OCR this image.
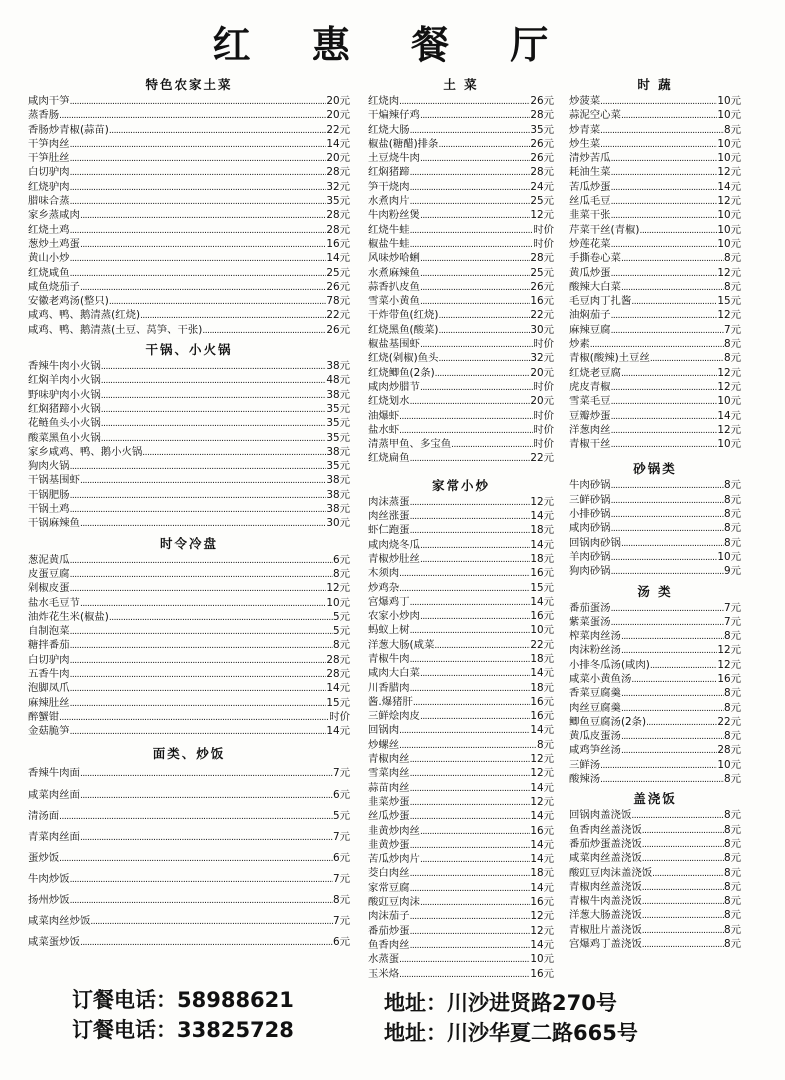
红 惠 餐 厅
特色农家土菜
咸肉干笋 .....	20元
蒸香肠 .....	20元
香肠炒青椒(蒜苗) .....	22元
干笋肉丝 .....	14元
干笋肚丝 .....	20元
白切驴肉 .....	28元
红烧驴肉 .....	32元
腊味合蒸 .....	35元
家乡蒸咸肉 .....	28元
红烧土鸡 .....	28元
葱炒土鸡蛋 .....	16元
黄山小炒 .....	14元
红烧咸鱼 .....	25元
咸鱼烧茄子 .....	26元
安徽老鸡汤(整只) .....	78元
咸鸡、鸭、鹅清蒸(红烧) .....	22元
咸鸡、鸭、鹅清蒸(土豆、莴笋、干张) .....	26元
干锅、小火锅
香辣牛肉小火锅 .....	38元
红焖羊肉小火锅 .....	48元
野味驴肉小火锅 .....	38元
红焖猪蹄小火锅 .....	35元
花鲢鱼头小火锅 .....	35元
酸菜黑鱼小火锅 .....	35元
家乡咸鸡、鸭、鹅小火锅 .....	38元
狗肉火锅 .....	35元
干锅基围虾 .....	38元
干锅肥肠 .....	38元
干锅土鸡 .....	38元
干锅麻辣鱼 .....	30元
时令冷盘
葱泥黄瓜 .....	6元
皮蛋豆腐 .....	8元
剁椒皮蛋 .....	12元
盐水毛豆节 .....	10元
油炸花生米(椒盐) .....	5元
自制泡菜 .....	5元
糖拌番茄 .....	8元
白切驴肉 .....	28元
五香牛肉 .....	28元
泡脚凤爪 .....	14元
麻辣肚丝 .....	15元
醉蟹钳 .....	时价
金菇脆笋 .....	14元
面类、炒饭
香辣牛肉面 .....	7元
咸菜肉丝面 .....	6元
清汤面 .....	5元
青菜肉丝面 .....	7元
蛋炒饭 .....	6元
牛肉炒饭 .....	7元
扬州炒饭 .....	8元
咸菜肉丝炒饭 .....	7元
咸菜蛋炒饭 .....	6元
土 菜
红烧肉 .....	26元
干煸辣仔鸡 .....	28元
红烧大肠 .....	35元
椒盐(糖醋)排条 .....	26元
土豆烧牛肉 .....	26元
红焖猪蹄 .....	28元
笋干烧肉 .....	24元
水煮肉片 .....	25元
牛肉粉丝煲 .....	12元
红烧牛蛙 .....	时价
椒盐牛蛙 .....	时价
风味炒哈蜊 .....	28元
水煮麻辣鱼 .....	25元
蒜香扒皮鱼 .....	26元
雪菜小黄鱼 .....	16元
干炸带鱼(红烧) .....	22元
红烧黑鱼(酸菜) .....	30元
椒盐基围虾 .....	时价
红烧(剁椒)鱼头 .....	32元
红烧鲫鱼(2条) .....	20元
咸肉炒腊节 .....	时价
红烧划水 .....	20元
油爆虾 .....	时价
盐水虾 .....	时价
清蒸甲鱼、多宝鱼 .....	时价
红烧扁鱼 .....	22元
家常小炒
肉沫蒸蛋 .....	12元
肉丝涨蛋 .....	14元
虾仁跑蛋 .....	18元
咸肉烧冬瓜 .....	14元
青椒炒肚丝 .....	18元
木须肉 .....	16元
炒鸡杂 .....	15元
宫爆鸡丁 .....	14元
农家小炒肉 .....	16元
蚂蚁上树 .....	10元
洋葱大肠(咸菜 .....	22元
青椒牛肉 .....	18元
咸肉大白菜 .....	14元
川香腊肉 .....	18元
酱.爆猪肝 .....	16元
三鲜烩肉皮 .....	16元
回锅肉 .....	14元
炒螺丝 .....	8元
青椒肉丝 .....	12元
雪菜肉丝 .....	12元
蒜苗肉丝 .....	14元
韭菜炒蛋 .....	12元
丝瓜炒蛋 .....	14元
韭黄炒肉丝 .....	16元
韭黄炒蛋 .....	14元
苦瓜炒肉片 .....	14元
茭白肉丝 .....	18元
家常豆腐 .....	14元
酸豇豆肉沫 .....	16元
肉沫茄子 .....	12元
番茄炒蛋 .....	12元
鱼香肉丝 .....	14元
水蒸蛋 .....	10元
玉米烙 .....	16元
时 蔬
炒菠菜 .....	10元
蒜泥空心菜 .....	10元
炒青菜 .....	8元
炒生菜 .....	10元
清炒苦瓜 .....	10元
耗油生菜 .....	12元
苦瓜炒蛋 .....	14元
丝瓜毛豆 .....	12元
韭菜干张 .....	10元
芹菜干丝(青椒) .....	10元
炒莲花菜 .....	10元
手撕卷心菜 .....	8元
黄瓜炒蛋 .....	12元
酸辣大白菜 .....	8元
毛豆肉丁扎酱 .....	15元
油焖茄子 .....	12元
麻辣豆腐 .....	7元
炒素 .....	8元
青椒(酸辣)土豆丝 .....	8元
红烧老豆腐 .....	12元
虎皮青椒 .....	12元
雪菜毛豆 .....	10元
豆瓣炒蛋 .....	14元
洋葱肉丝 .....	12元
青椒干丝 .....	10元
砂锅类
牛肉砂锅 .....	8元
三鲜砂锅 .....	8元
小排砂锅 .....	8元
咸肉砂锅 .....	8元
回锅肉砂锅 .....	8元
羊肉砂锅 .....	10元
狗肉砂锅 .....	9元
汤 类
番茄蛋汤 .....	7元
紫菜蛋汤 .....	7元
榨菜肉丝汤 .....	8元
肉沫粉丝汤 .....	12元
小排冬瓜汤(咸肉) .....	12元
咸菜小黄鱼汤 .....	16元
香菜豆腐羹 .....	8元
肉丝豆腐羹 .....	8元
鲫鱼豆腐汤(2条) .....	22元
黄瓜皮蛋汤 .....	8元
咸鸡笋丝汤 .....	28元
三鲜汤 .....	10元
酸辣汤 .....	8元
盖浇饭
回锅肉盖浇饭 .....	8元
鱼香肉丝盖浇饭 .....	8元
番茄炒蛋盖浇饭 .....	8元
咸菜肉丝盖浇饭 .....	8元
酸豇豆肉沫盖浇饭 .....	8元
青椒肉丝盖浇饭 .....	8元
青椒牛肉盖浇饭 .....	8元
洋葱大肠盖浇饭 .....	8元
青椒肚片盖浇饭 .....	8元
宫爆鸡丁盖浇饭 .....	8元
订餐电话：58988621
订餐电话：33825728
地址：川沙进贤路270号
地址：川沙华夏二路665号
